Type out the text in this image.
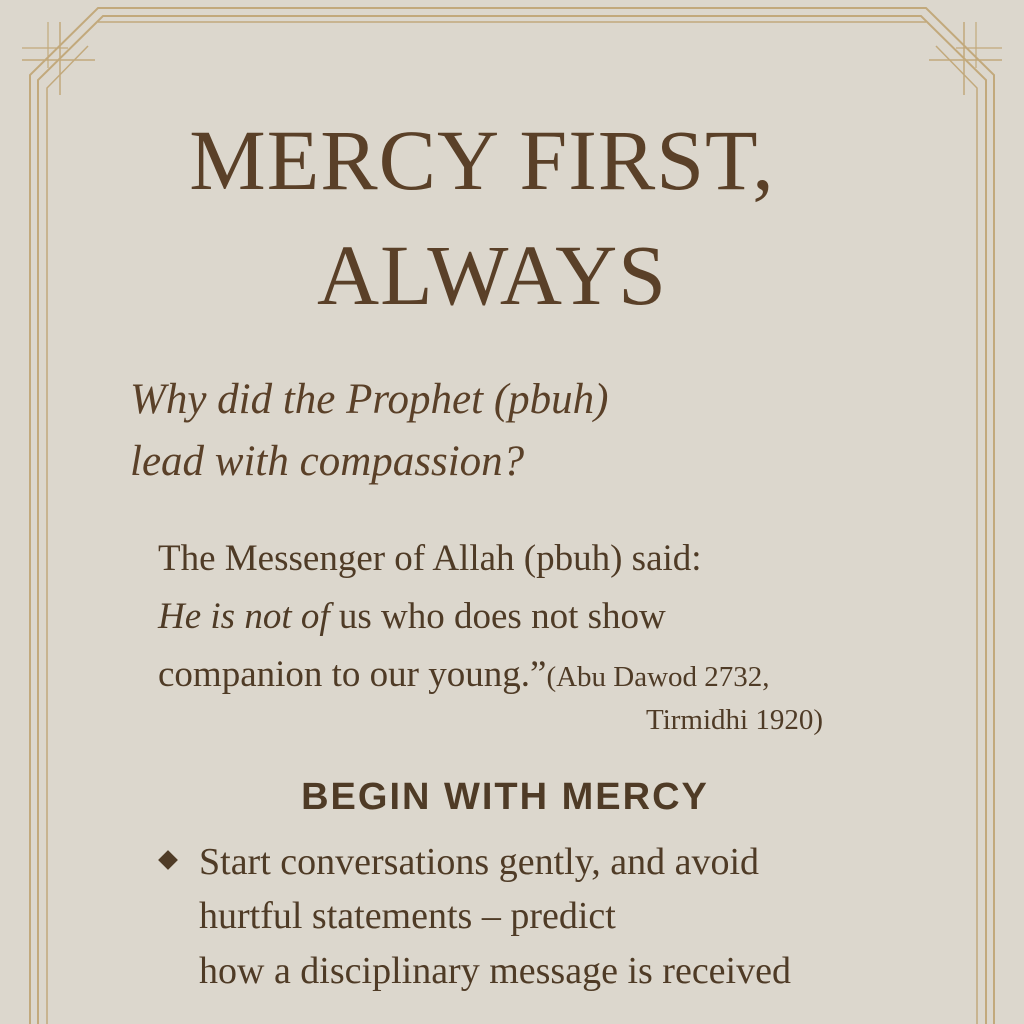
MERCY FIRST,
ALWAYS
Why did the Prophet (pbuh)
lead with compassion?
The Messenger of Allah (pbuh) said:
He is not of us who does not show
companion to our young.”(Abu Dawod 2732,
Tirmidhi 1920)
BEGIN WITH MERCY
Start conversations gently, and avoid
hurtful statements – predict
how a disciplinary message is received
